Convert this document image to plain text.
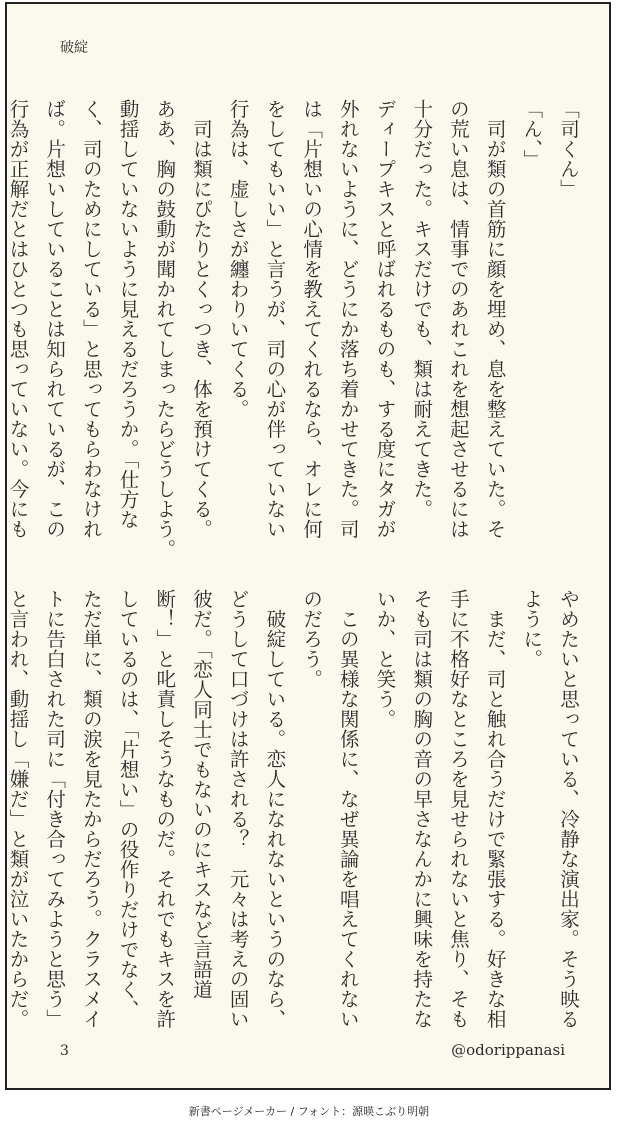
破綻
「司くん」
「ん、」
　司が類の首筋に顔を埋め、息を整えていた。そ
の荒い息は、情事でのあれこれを想起させるには
十分だった。キスだけでも、類は耐えてきた。
ディープキスと呼ばれるものも、する度にタガが
外れないように、どうにか落ち着かせてきた。司
は「片想いの心情を教えてくれるなら、オレに何
をしてもいい」と言うが、司の心が伴っていない
行為は、虚しさが纏わりいてくる。
　司は類にぴたりとくっつき、体を預けてくる。
ああ、胸の鼓動が聞かれてしまったらどうしよう。
動揺していないように見えるだろうか。「仕方な
く、司のためにしている」と思ってもらわなけれ
ば。片想いしていることは知られているが、この
行為が正解だとはひとつも思っていない。今にも
やめたいと思っている、冷静な演出家。そう映る
ように。
　まだ、司と触れ合うだけで緊張する。好きな相
手に不格好なところを見せられないと焦り、そも
そも司は類の胸の音の早さなんかに興味を持たな
いか、と笑う。
　この異様な関係に、なぜ異論を唱えてくれない
のだろう。
　破綻している。恋人になれないというのなら、
どうして口づけは許される？　元々は考えの固い
彼だ。「恋人同士でもないのにキスなど言語道
断！」と叱責しそうなものだ。それでもキスを許
しているのは、「片想い」の役作りだけでなく、
ただ単に、類の涙を見たからだろう。クラスメイ
トに告白された司に「付き合ってみようと思う」
と言われ、動揺し「嫌だ」と類が泣いたからだ。
3	@odorippanasi
新書ページメーカー / フォント：源暎こぶり明朝
